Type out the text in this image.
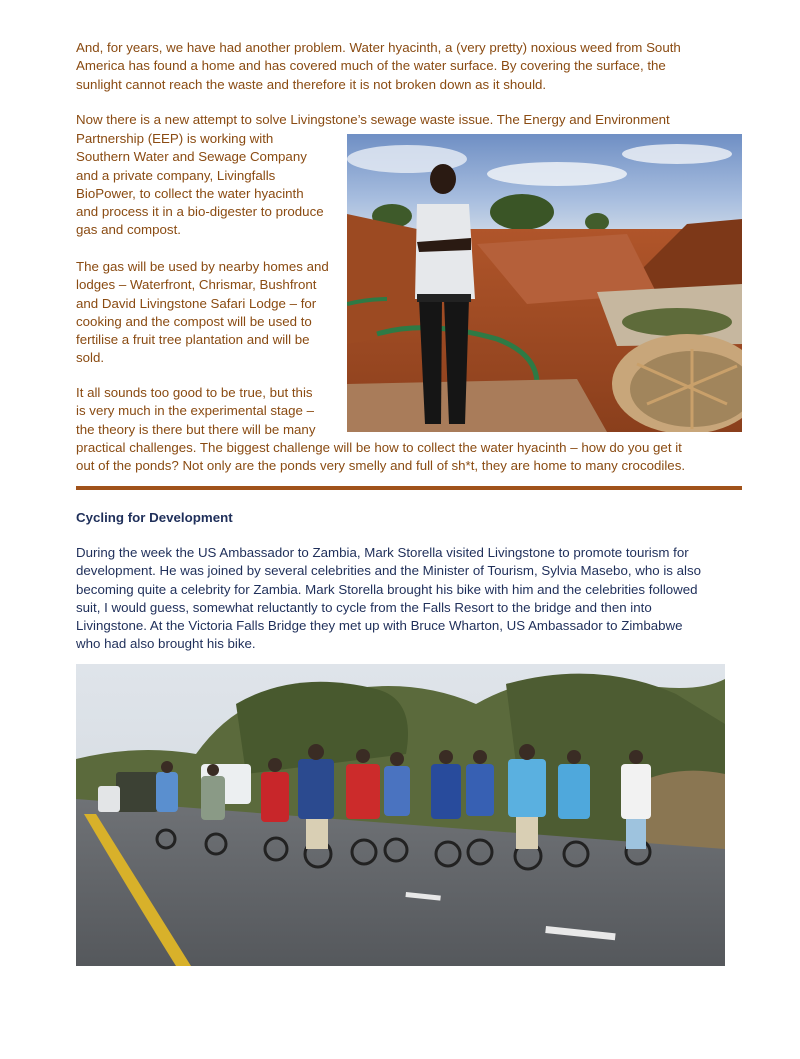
And, for years, we have had another problem. Water hyacinth, a (very pretty) noxious weed from South
America has found a home and has covered much of the water surface. By covering the surface, the
sunlight cannot reach the waste and therefore it is not broken down as it should.
Now there is a new attempt to solve Livingstone’s sewage waste issue. The Energy and Environment
Partnership (EEP) is working with
Southern Water and Sewage Company
and a private company, Livingfalls
BioPower, to collect the water hyacinth
and process it in a bio-digester to produce
gas and compost.
The gas will be used by nearby homes and
lodges – Waterfront, Chrismar, Bushfront
and David Livingstone Safari Lodge – for
cooking and the compost will be used to
fertilise a fruit tree plantation and will be
sold.
It all sounds too good to be true, but this
is very much in the experimental stage –
the theory is there but there will be many
practical challenges. The biggest challenge will be how to collect the water hyacinth – how do you get it
out of the ponds? Not only are the ponds very smelly and full of sh*t, they are home to many crocodiles.
Cycling for Development
During the week the US Ambassador to Zambia, Mark Storella visited Livingstone to promote tourism for
development. He was joined by several celebrities and the Minister of Tourism, Sylvia Masebo, who is also
becoming quite a celebrity for Zambia. Mark Storella brought his bike with him and the celebrities followed
suit, I would guess, somewhat reluctantly to cycle from the Falls Resort to the bridge and then into
Livingstone. At the Victoria Falls Bridge they met up with Bruce Wharton, US Ambassador to Zimbabwe
who had also brought his bike.
